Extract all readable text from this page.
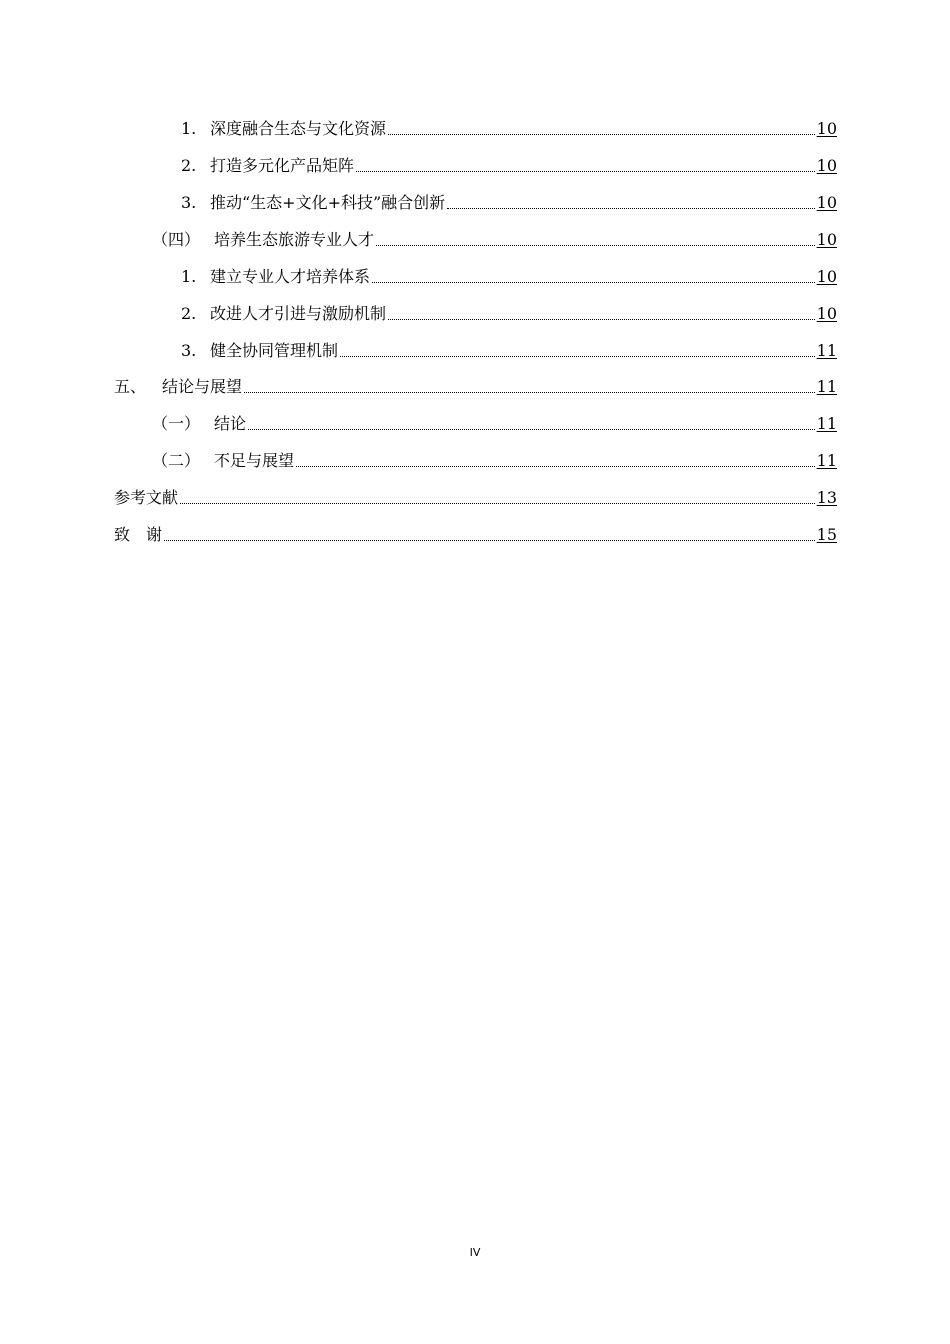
1. 深度融合生态与文化资源	10
2. 打造多元化产品矩阵	10
3. 推动“生态+文化+科技”融合创新	10
（四） 培养生态旅游专业人才	10
1. 建立专业人才培养体系	10
2. 改进人才引进与激励机制	10
3. 健全协同管理机制	11
五、 结论与展望	11
（一） 结论	11
（二） 不足与展望	11
参考文献	13
致　谢	15
IV
